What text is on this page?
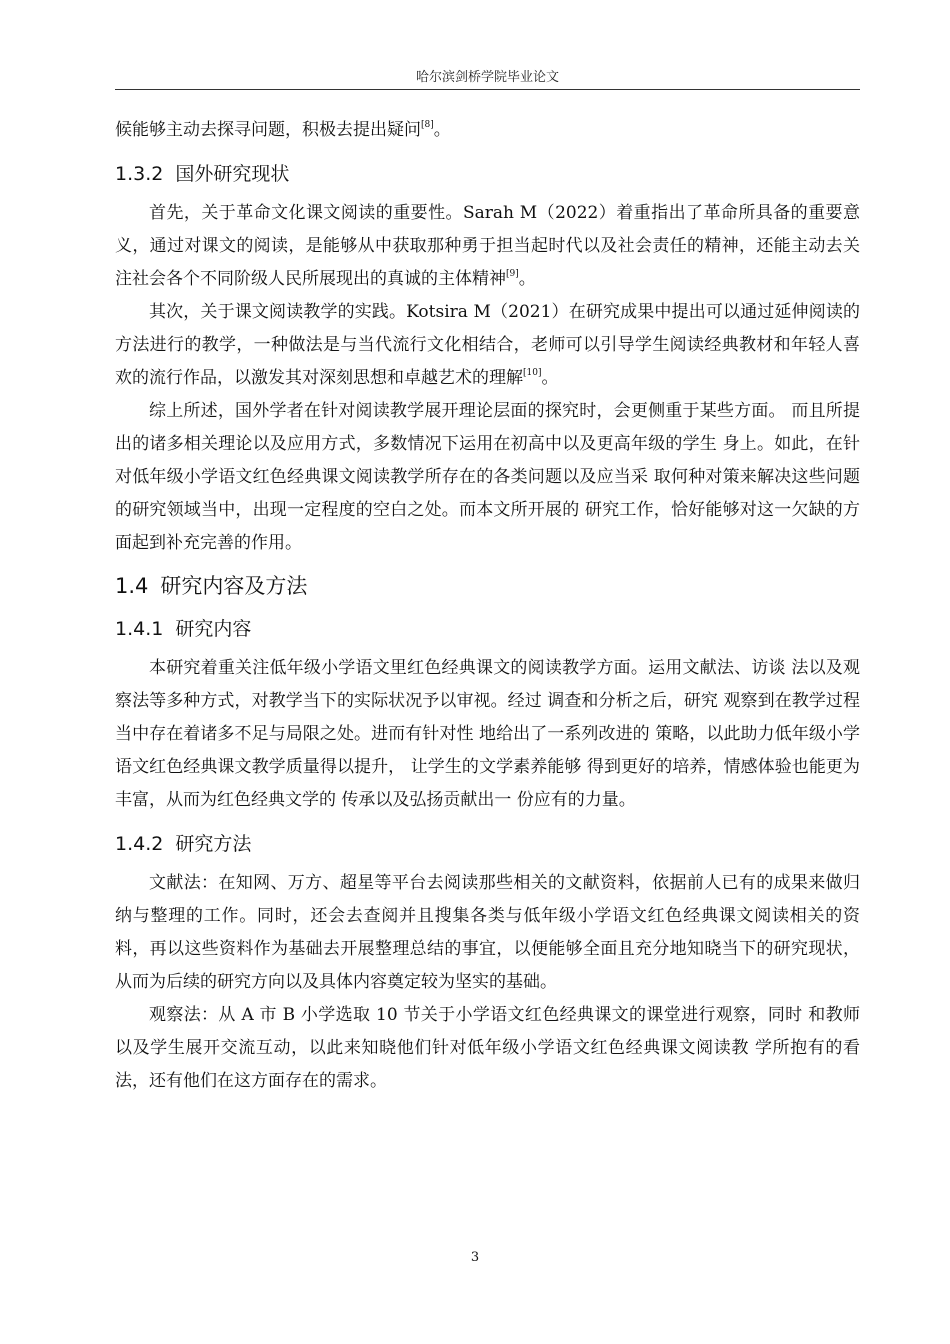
哈尔滨剑桥学院毕业论文

候能够主动去探寻问题，积极去提出疑问[8]。

1.3.2 国外研究现状

首先，关于革命文化课文阅读的重要性。Sarah M（2022）着重指出了革命所具备的重要意义，通过对课文的阅读，是能够从中获取那种勇于担当起时代以及社会责任的精神，还能主动去关注社会各个不同阶级人民所展现出的真诚的主体精神[9]。

其次，关于课文阅读教学的实践。Kotsira M（2021）在研究成果中提出可以通过延伸阅读的方法进行的教学，一种做法是与当代流行文化相结合，老师可以引导学生阅读经典教材和年轻人喜欢的流行作品，以激发其对深刻思想和卓越艺术的理解[10]。

综上所述，国外学者在针对阅读教学展开理论层面的探究时，会更侧重于某些方面。 而且所提出的诸多相关理论以及应用方式，多数情况下运用在初高中以及更高年级的学生 身上。如此，在针对低年级小学语文红色经典课文阅读教学所存在的各类问题以及应当采 取何种对策来解决这些问题的研究领域当中，出现一定程度的空白之处。而本文所开展的 研究工作，恰好能够对这一欠缺的方面起到补充完善的作用。

1.4 研究内容及方法
1.4.1 研究内容

本研究着重关注低年级小学语文里红色经典课文的阅读教学方面。运用文献法、访谈 法以及观察法等多种方式，对教学当下的实际状况予以审视。经过 调查和分析之后，研究 观察到在教学过程当中存在着诸多不足与局限之处。进而有针对性 地给出了一系列改进的 策略，以此助力低年级小学语文红色经典课文教学质量得以提升， 让学生的文学素养能够 得到更好的培养，情感体验也能更为丰富，从而为红色经典文学的 传承以及弘扬贡献出一 份应有的力量。

1.4.2 研究方法

文献法：在知网、万方、超星等平台去阅读那些相关的文献资料，依据前人已有的成果来做归纳与整理的工作。同时，还会去查阅并且搜集各类与低年级小学语文红色经典课文阅读相关的资料，再以这些资料作为基础去开展整理总结的事宜，以便能够全面且充分地知晓当下的研究现状，从而为后续的研究方向以及具体内容奠定较为坚实的基础。

观察法：从 A 市 B 小学选取 10 节关于小学语文红色经典课文的课堂进行观察，同时 和教师以及学生展开交流互动，以此来知晓他们针对低年级小学语文红色经典课文阅读教 学所抱有的看法，还有他们在这方面存在的需求。

3
